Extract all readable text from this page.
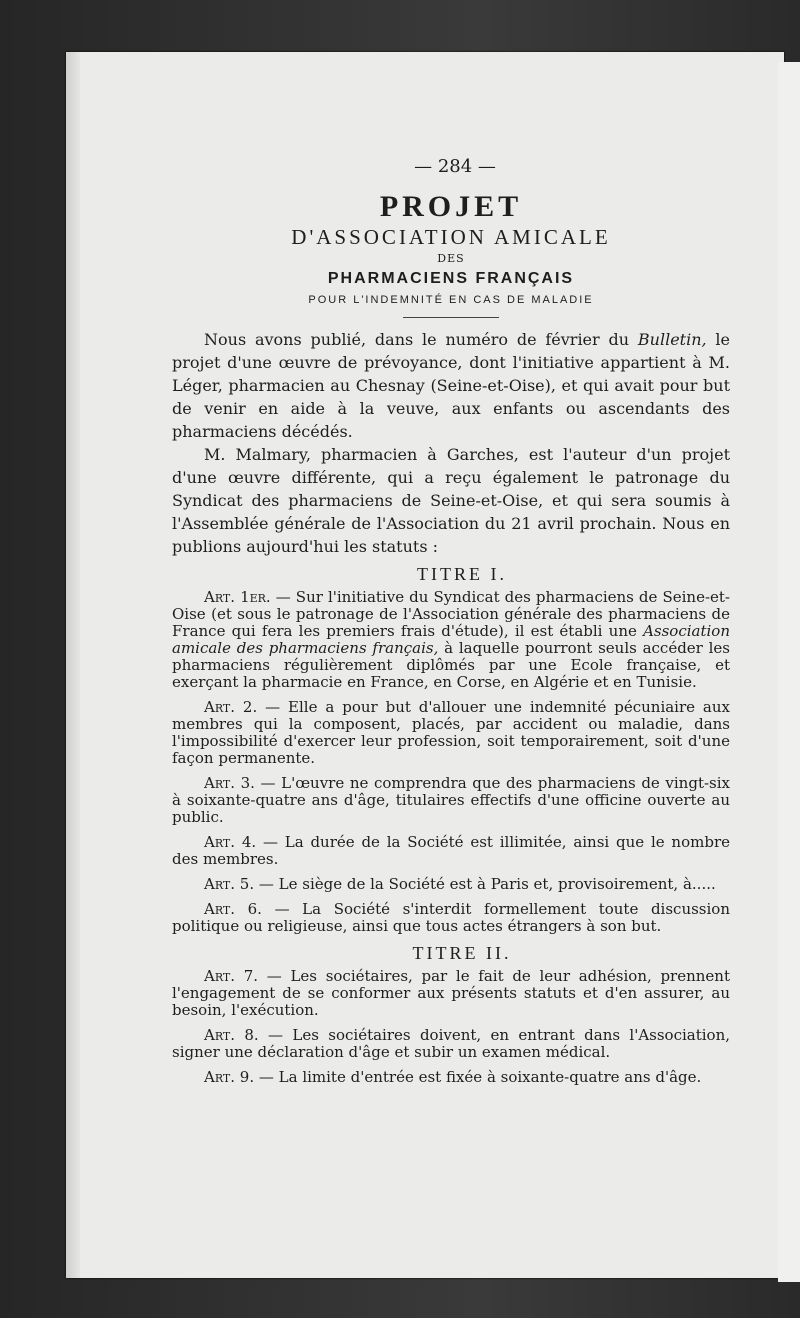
— 284 —
PROJET
D'ASSOCIATION AMICALE
DES
PHARMACIENS FRANÇAIS
POUR L'INDEMNITÉ EN CAS DE MALADIE

Nous avons publié, dans le numéro de février du Bulletin, le projet d'une œuvre de prévoyance, dont l'initiative appartient à M. Léger, pharmacien au Chesnay (Seine-et-Oise), et qui avait pour but de venir en aide à la veuve, aux enfants ou ascendants des pharmaciens décédés.

M. Malmary, pharmacien à Garches, est l'auteur d'un projet d'une œuvre différente, qui a reçu également le patronage du Syndicat des pharmaciens de Seine-et-Oise, et qui sera soumis à l'Assemblée générale de l'Association du 21 avril prochain. Nous en publions aujourd'hui les statuts :

TITRE I.

Art. 1er. — Sur l'initiative du Syndicat des pharmaciens de Seine-et-Oise (et sous le patronage de l'Association générale des pharmaciens de France qui fera les premiers frais d'étude), il est établi une Association amicale des pharmaciens français, à laquelle pourront seuls accéder les pharmaciens régulièrement diplômés par une Ecole française, et exerçant la pharmacie en France, en Corse, en Algérie et en Tunisie.

Art. 2. — Elle a pour but d'allouer une indemnité pécuniaire aux membres qui la composent, placés, par accident ou maladie, dans l'impossibilité d'exercer leur profession, soit temporairement, soit d'une façon permanente.

Art. 3. — L'œuvre ne comprendra que des pharmaciens de vingt-six à soixante-quatre ans d'âge, titulaires effectifs d'une officine ouverte au public.

Art. 4. — La durée de la Société est illimitée, ainsi que le nombre des membres.

Art. 5. — Le siège de la Société est à Paris et, provisoirement, à.....

Art. 6. — La Société s'interdit formellement toute discussion politique ou religieuse, ainsi que tous actes étrangers à son but.

TITRE II.

Art. 7. — Les sociétaires, par le fait de leur adhésion, prennent l'engagement de se conformer aux présents statuts et d'en assurer, au besoin, l'exécution.

Art. 8. — Les sociétaires doivent, en entrant dans l'Association, signer une déclaration d'âge et subir un examen médical.

Art. 9. — La limite d'entrée est fixée à soixante-quatre ans d'âge.
